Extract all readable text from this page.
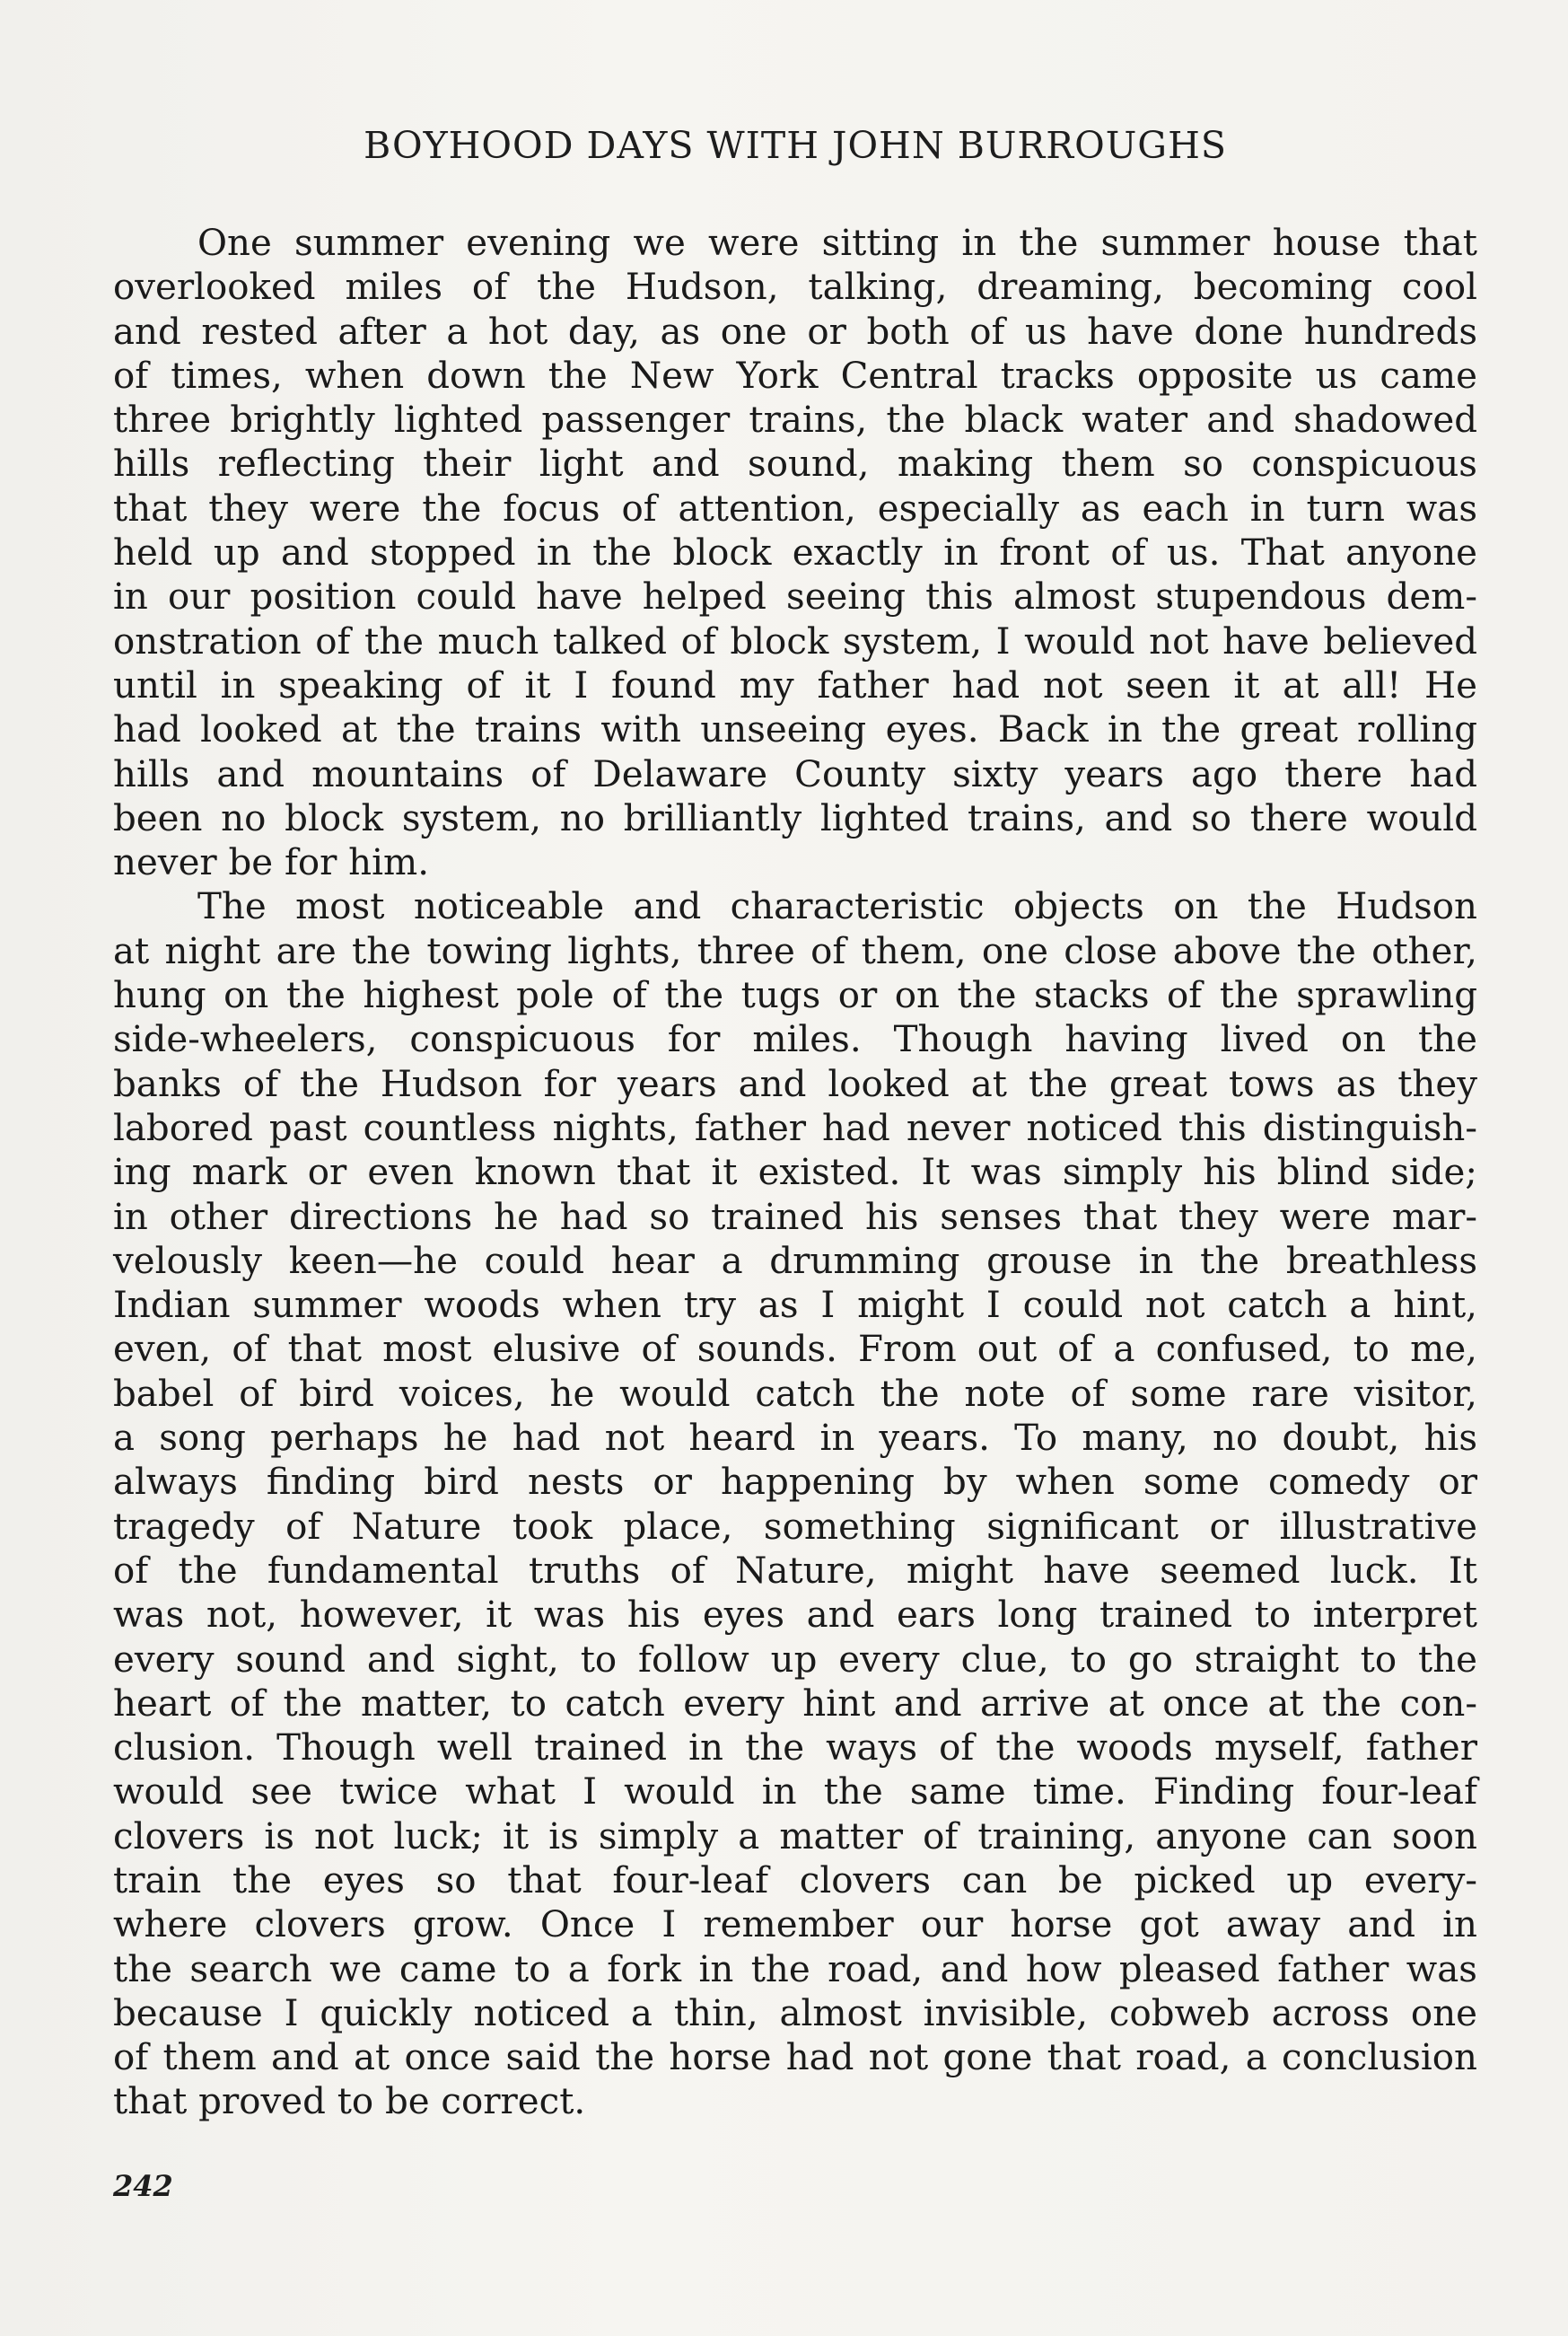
BOYHOOD DAYS WITH JOHN BURROUGHS

One summer evening we were sitting in the summer house that
overlooked miles of the Hudson, talking, dreaming, becoming cool
and rested after a hot day, as one or both of us have done hundreds
of times, when down the New York Central tracks opposite us came
three brightly lighted passenger trains, the black water and shadowed
hills reflecting their light and sound, making them so conspicuous
that they were the focus of attention, especially as each in turn was
held up and stopped in the block exactly in front of us. That anyone
in our position could have helped seeing this almost stupendous dem-
onstration of the much talked of block system, I would not have believed
until in speaking of it I found my father had not seen it at all! He
had looked at the trains with unseeing eyes. Back in the great rolling
hills and mountains of Delaware County sixty years ago there had
been no block system, no brilliantly lighted trains, and so there would
never be for him.

The most noticeable and characteristic objects on the Hudson
at night are the towing lights, three of them, one close above the other,
hung on the highest pole of the tugs or on the stacks of the sprawling
side-wheelers, conspicuous for miles. Though having lived on the
banks of the Hudson for years and looked at the great tows as they
labored past countless nights, father had never noticed this distinguish-
ing mark or even known that it existed. It was simply his blind side;
in other directions he had so trained his senses that they were mar-
velously keen—he could hear a drumming grouse in the breathless
Indian summer woods when try as I might I could not catch a hint,
even, of that most elusive of sounds. From out of a confused, to me,
babel of bird voices, he would catch the note of some rare visitor,
a song perhaps he had not heard in years. To many, no doubt, his
always finding bird nests or happening by when some comedy or
tragedy of Nature took place, something significant or illustrative
of the fundamental truths of Nature, might have seemed luck. It
was not, however, it was his eyes and ears long trained to interpret
every sound and sight, to follow up every clue, to go straight to the
heart of the matter, to catch every hint and arrive at once at the con-
clusion. Though well trained in the ways of the woods myself, father
would see twice what I would in the same time. Finding four-leaf
clovers is not luck; it is simply a matter of training, anyone can soon
train the eyes so that four-leaf clovers can be picked up every-
where clovers grow. Once I remember our horse got away and in
the search we came to a fork in the road, and how pleased father was
because I quickly noticed a thin, almost invisible, cobweb across one
of them and at once said the horse had not gone that road, a conclusion
that proved to be correct.

242
